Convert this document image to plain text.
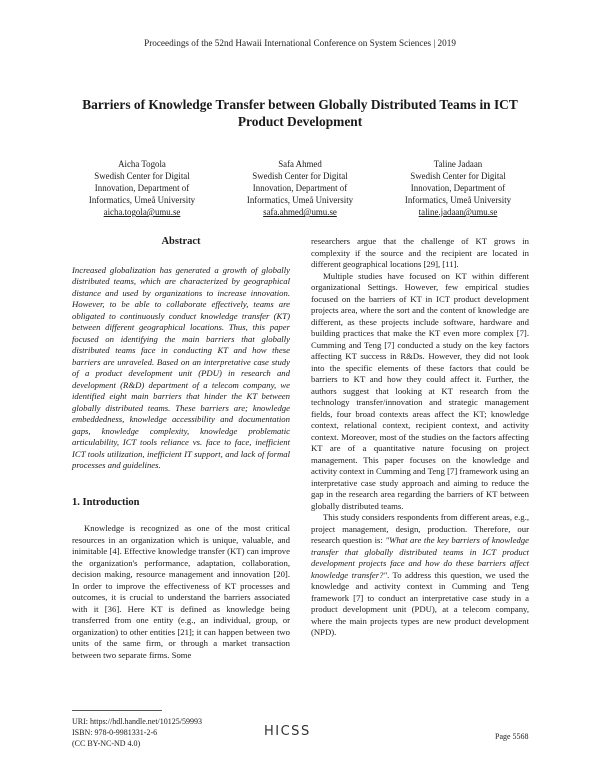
Proceedings of the 52nd Hawaii International Conference on System Sciences | 2019
Barriers of Knowledge Transfer between Globally Distributed Teams in ICT Product Development
Aicha Togola
Swedish Center for Digital
Innovation, Department of
Informatics, Umeå University
aicha.togola@umu.se
Safa Ahmed
Swedish Center for Digital
Innovation, Department of
Informatics, Umeå University
safa.ahmed@umu.se
Taline Jadaan
Swedish Center for Digital
Innovation, Department of
Informatics, Umeå University
taline.jadaan@umu.se
Abstract

Increased globalization has generated a growth of globally distributed teams, which are characterized by geographical distance and used by organizations to increase innovation. However, to be able to collaborate effectively, teams are obligated to continuously conduct knowledge transfer (KT) between different geographical locations. Thus, this paper focused on identifying the main barriers that globally distributed teams face in conducting KT and how these barriers are unraveled. Based on an interpretative case study of a product development unit (PDU) in research and development (R&D) department of a telecom company, we identified eight main barriers that hinder the KT between globally distributed teams. These barriers are; knowledge embeddedness, knowledge accessibility and documentation gaps, knowledge complexity, knowledge problematic articulability, ICT tools reliance vs. face to face, inefficient ICT tools utilization, inefficient IT support, and lack of formal processes and guidelines.

1. Introduction

Knowledge is recognized as one of the most critical resources in an organization which is unique, valuable, and inimitable [4]. Effective knowledge transfer (KT) can improve the organization's performance, adaptation, collaboration, decision making, resource management and innovation [20]. In order to improve the effectiveness of KT processes and outcomes, it is crucial to understand the barriers associated with it [36]. Here KT is defined as knowledge being transferred from one entity (e.g., an individual, group, or organization) to other entities [21]; it can happen between two units of the same firm, or through a market transaction between two separate firms. Some

researchers argue that the challenge of KT grows in complexity if the source and the recipient are located in different geographical locations [29], [11].

Multiple studies have focused on KT within different organizational Settings. However, few empirical studies focused on the barriers of KT in ICT product development projects area, where the sort and the content of knowledge are different, as these projects include software, hardware and building practices that make the KT even more complex [7]. Cumming and Teng [7] conducted a study on the key factors affecting KT success in R&Ds. However, they did not look into the specific elements of these factors that could be barriers to KT and how they could affect it. Further, the authors suggest that looking at KT research from the technology transfer/innovation and strategic management fields, four broad contexts areas affect the KT; knowledge context, relational context, recipient context, and activity context. Moreover, most of the studies on the factors affecting KT are of a quantitative nature focusing on project management. This paper focuses on the knowledge and activity context in Cumming and Teng [7] framework using an interpretative case study approach and aiming to reduce the gap in the research area regarding the barriers of KT between globally distributed teams.

This study considers respondents from different areas, e.g., project management, design, production. Therefore, our research question is: "What are the key barriers of knowledge transfer that globally distributed teams in ICT product development projects face and how do these barriers affect knowledge transfer?". To address this question, we used the knowledge and activity context in Cumming and Teng framework [7] to conduct an interpretative case study in a product development unit (PDU), at a telecom company, where the main projects types are new product development (NPD).

URI: https://hdl.handle.net/10125/59993
ISBN: 978-0-9981331-2-6
(CC BY-NC-ND 4.0)
HICSS	Page 5568
